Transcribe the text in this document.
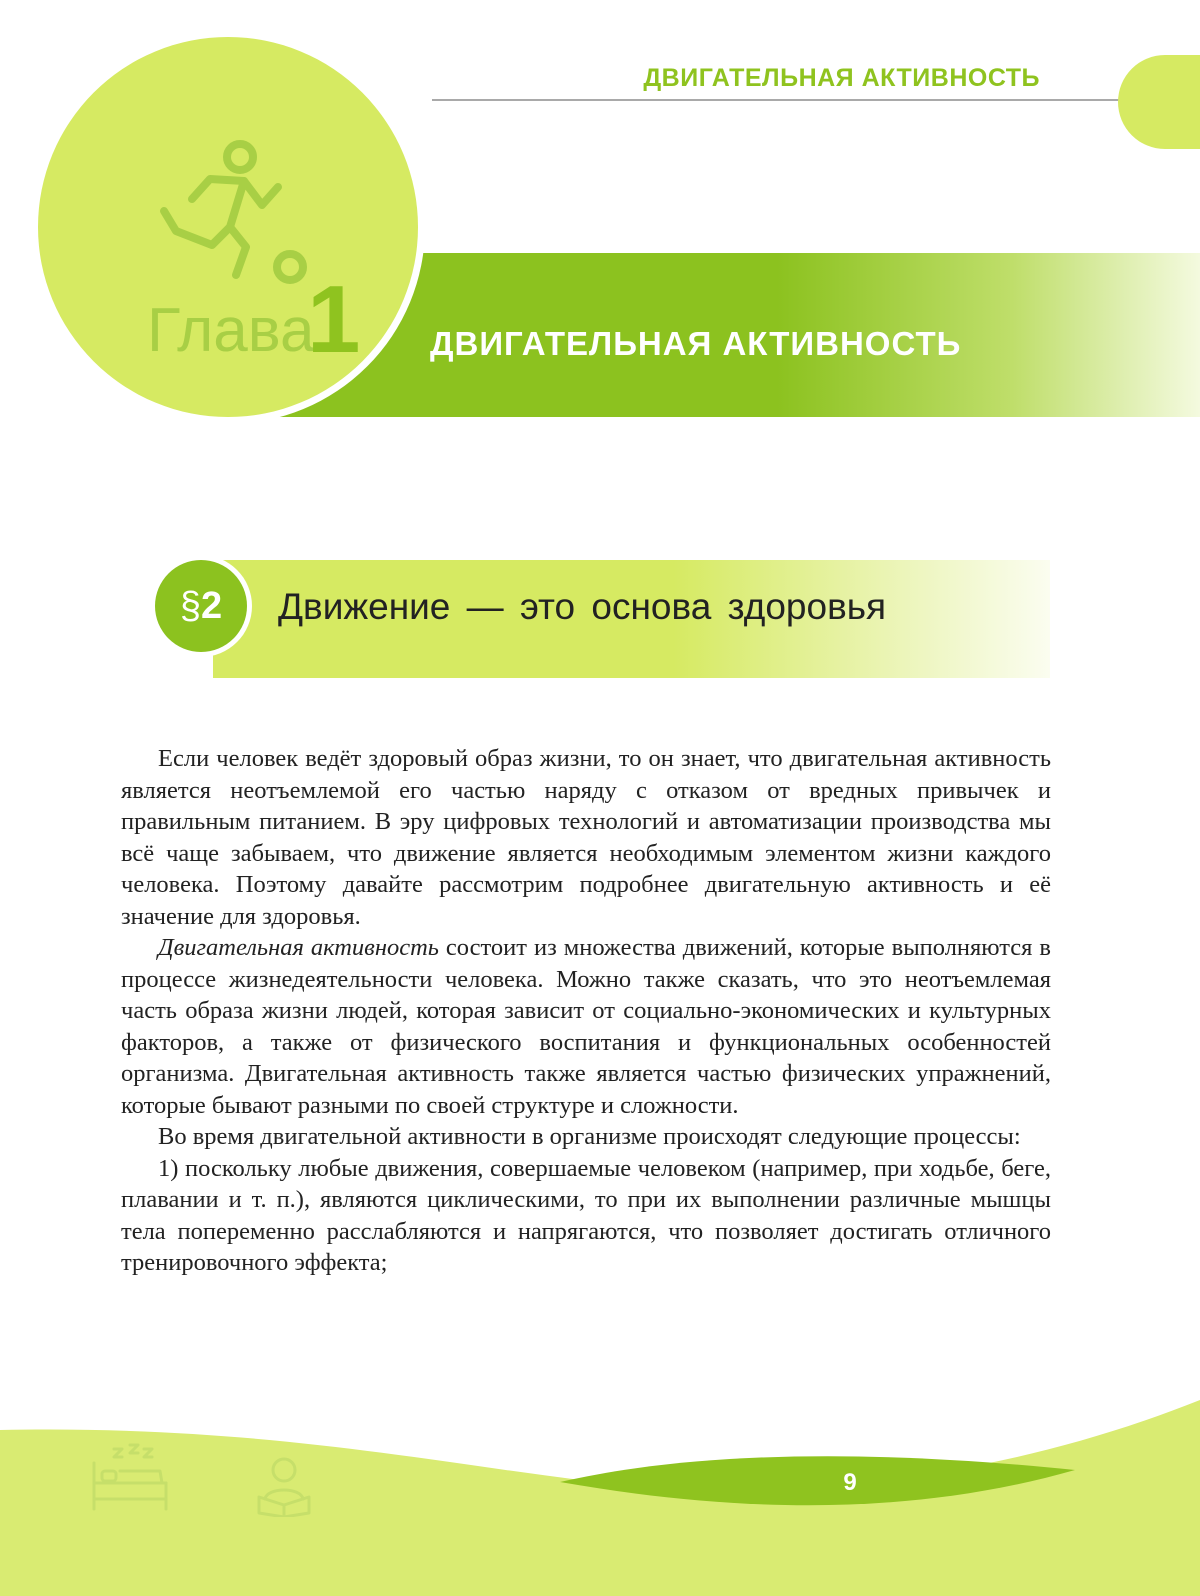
ДВИГАТЕЛЬНАЯ АКТИВНОСТЬ
Глава
1 ДВИГАТЕЛЬНАЯ АКТИВНОСТЬ
§2	Движение — это основа здоровья

Если человек ведёт здоровый образ жизни, то он знает, что двигательная активность является неотъемлемой его частью наряду с отказом от вредных привычек и правильным питанием. В эру цифровых технологий и автоматизации производства мы всё чаще забываем, что движение является необходимым элементом жизни каждого человека. Поэтому давайте рассмотрим подробнее двигательную активность и её значение для здоровья.

Двигательная активность состоит из множества движений, которые выполняются в процессе жизнедеятельности человека. Можно также сказать, что это неотъемлемая часть образа жизни людей, которая зависит от социально-экономических и культурных факторов, а также от физического воспитания и функциональных особенностей организма. Двигательная активность также является частью физических упражнений, которые бывают разными по своей структуре и сложности.

Во время двигательной активности в организме происходят следующие процессы:

1) поскольку любые движения, совершаемые человеком (например, при ходьбе, беге, плавании и т. п.), являются циклическими, то при их выполнении различные мышцы тела попеременно расслабляются и напрягаются, что позволяет достигать отличного тренировочного эффекта;

9
